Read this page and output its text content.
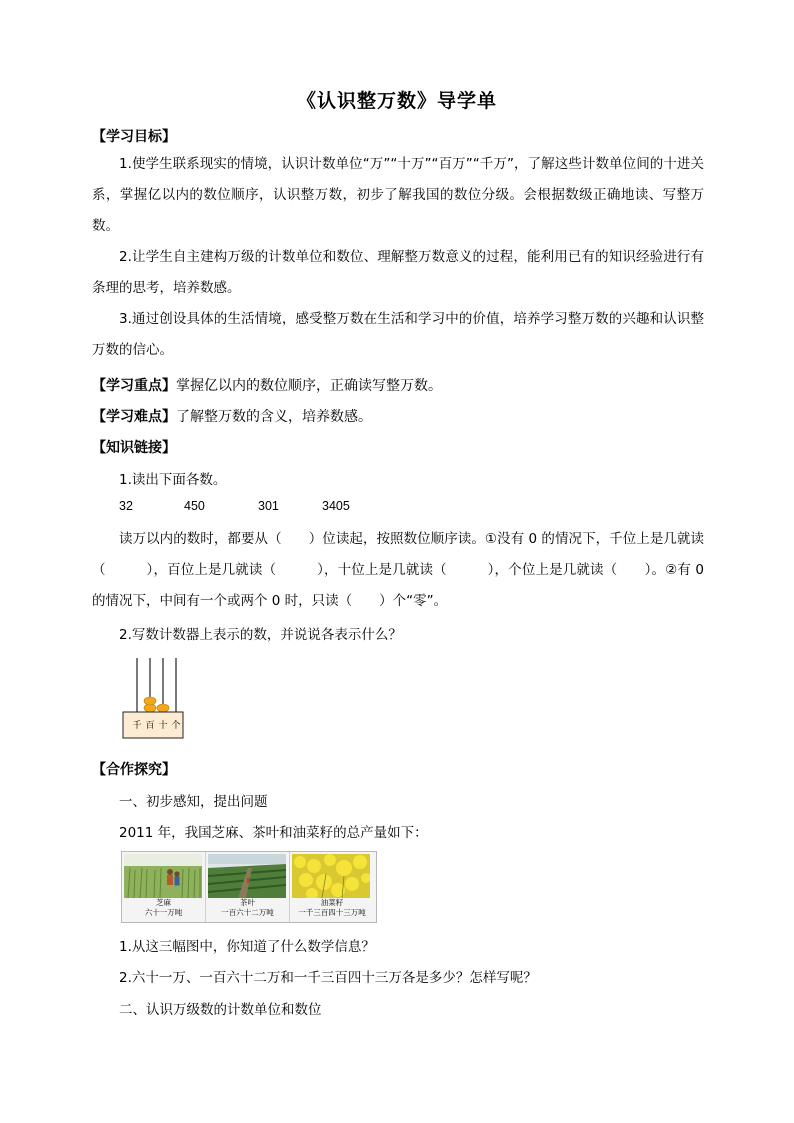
《认识整万数》导学单
【学习目标】
1.使学生联系现实的情境，认识计数单位“万”“十万”“百万”“千万”，了解这些计数单位间的十进关系，掌握亿以内的数位顺序，认识整万数，初步了解我国的数位分级。会根据数级正确地读、写整万数。
2.让学生自主建构万级的计数单位和数位、理解整万数意义的过程，能利用已有的知识经验进行有条理的思考，培养数感。
3.通过创设具体的生活情境，感受整万数在生活和学习中的价值，培养学习整万数的兴趣和认识整万数的信心。
【学习重点】掌握亿以内的数位顺序，正确读写整万数。
【学习难点】了解整万数的含义，培养数感。
【知识链接】
1.读出下面各数。
32	450	301	3405
读万以内的数时，都要从（　　）位读起，按照数位顺序读。①没有 0 的情况下，千位上是几就读（　　　），百位上是几就读（　　　），十位上是几就读（　　　），个位上是几就读（　　）。②有 0 的情况下，中间有一个或两个 0 时，只读（　　）个“零”。
2.写数计数器上表示的数，并说说各表示什么？
千 百 十 个
【合作探究】
一、初步感知，提出问题
2011 年，我国芝麻、茶叶和油菜籽的总产量如下：
芝麻
六十一万吨
茶叶
一百六十二万吨
油菜籽
一千三百四十三万吨
1.从这三幅图中，你知道了什么数学信息？
2.六十一万、一百六十二万和一千三百四十三万各是多少？怎样写呢？
二、认识万级数的计数单位和数位
